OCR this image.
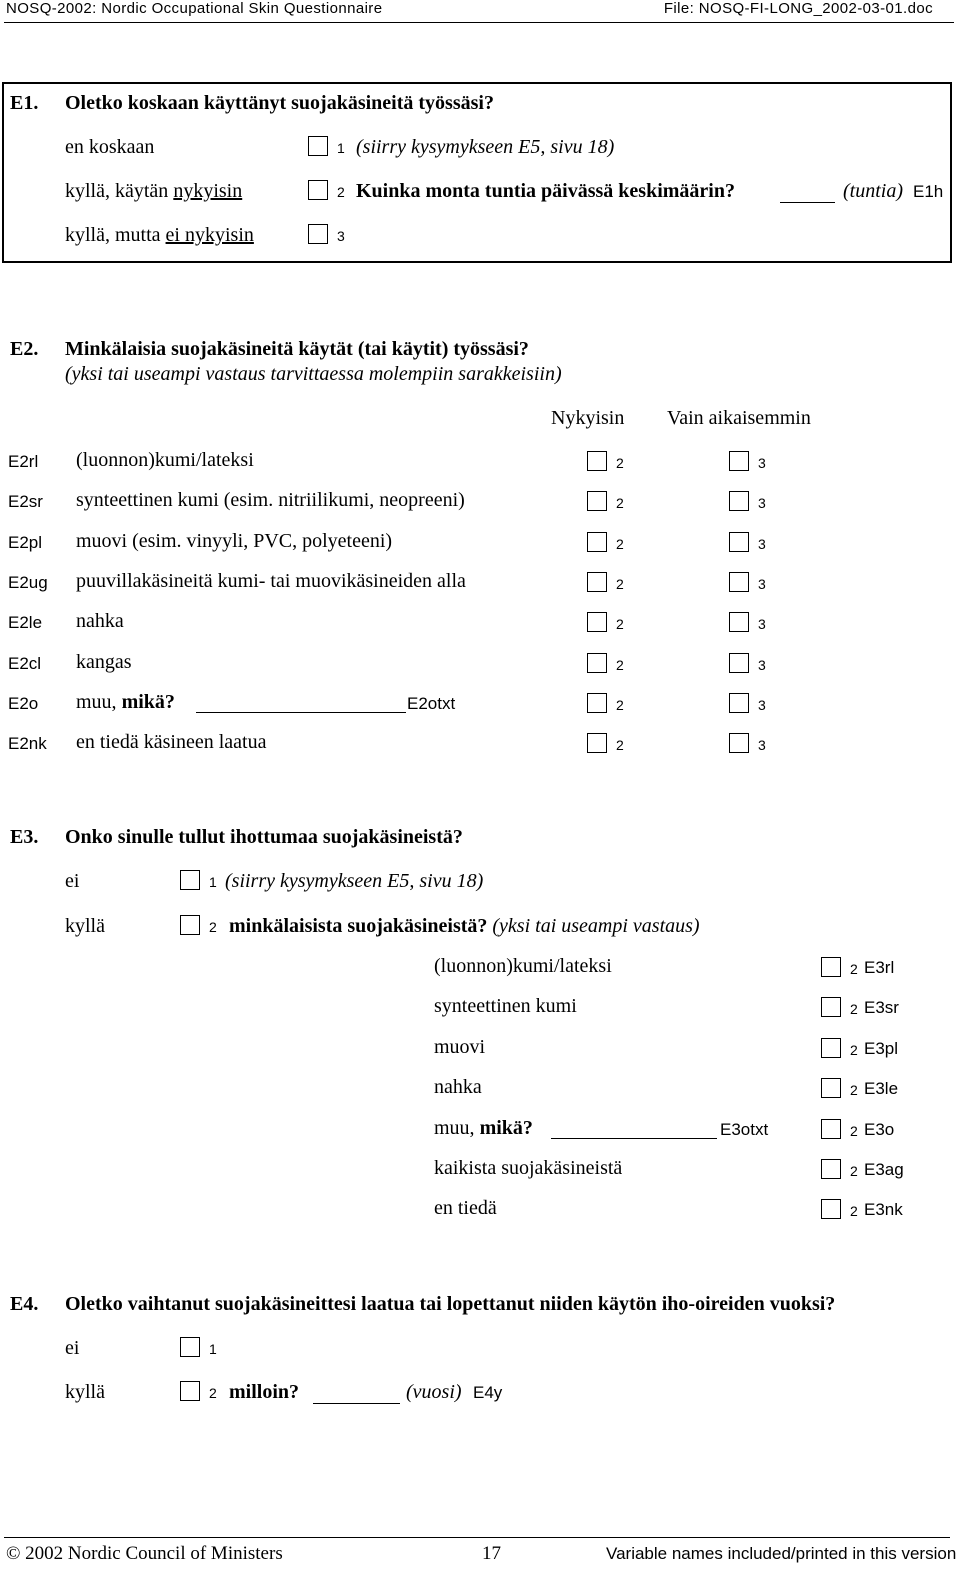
NOSQ-2002: Nordic Occupational Skin Questionnaire	File: NOSQ-FI-LONG_2002-03-01.doc
E1. Oletko koskaan käyttänyt suojakäsineitä työssäsi?
en koskaan	1 (siirry kysymykseen E5, sivu 18)
kyllä, käytän nykyisin	2 Kuinka monta tuntia päivässä keskimäärin?	(tuntia) E1h
kyllä, mutta ei nykyisin	3
E2. Minkälaisia suojakäsineitä käytät (tai käytit) työssäsi?
(yksi tai useampi vastaus tarvittaessa molempiin sarakkeisiin)
Nykyisin Vain aikaisemmin
E2rl (luonnon)kumi/lateksi	2	3
E2sr synteettinen kumi (esim. nitriilikumi, neopreeni)	2	3
E2pl muovi (esim. vinyyli, PVC, polyeteeni)	2	3
E2ug puuvillakäsineitä kumi- tai muovikäsineiden alla	2	3
E2le nahka	2	3
E2cl kangas	2	3
E2o muu, mikä?	E2otxt	2	3
E2nk en tiedä käsineen laatua	2	3
E3. Onko sinulle tullut ihottumaa suojakäsineistä?
ei	1 (siirry kysymykseen E5, sivu 18)
kyllä	2 minkälaisista suojakäsineistä? (yksi tai useampi vastaus)
(luonnon)kumi/lateksi	2 E3rl
synteettinen kumi	2 E3sr
muovi	2 E3pl
nahka	2 E3le
muu, mikä?	E3otxt	2 E3o
kaikista suojakäsineistä	2 E3ag
en tiedä	2 E3nk
E4. Oletko vaihtanut suojakäsineittesi laatua tai lopettanut niiden käytön iho-oireiden vuoksi?
ei	1
kyllä	2 milloin?	(vuosi) E4y
© 2002 Nordic Council of Ministers	17	Variable names included/printed in this version
